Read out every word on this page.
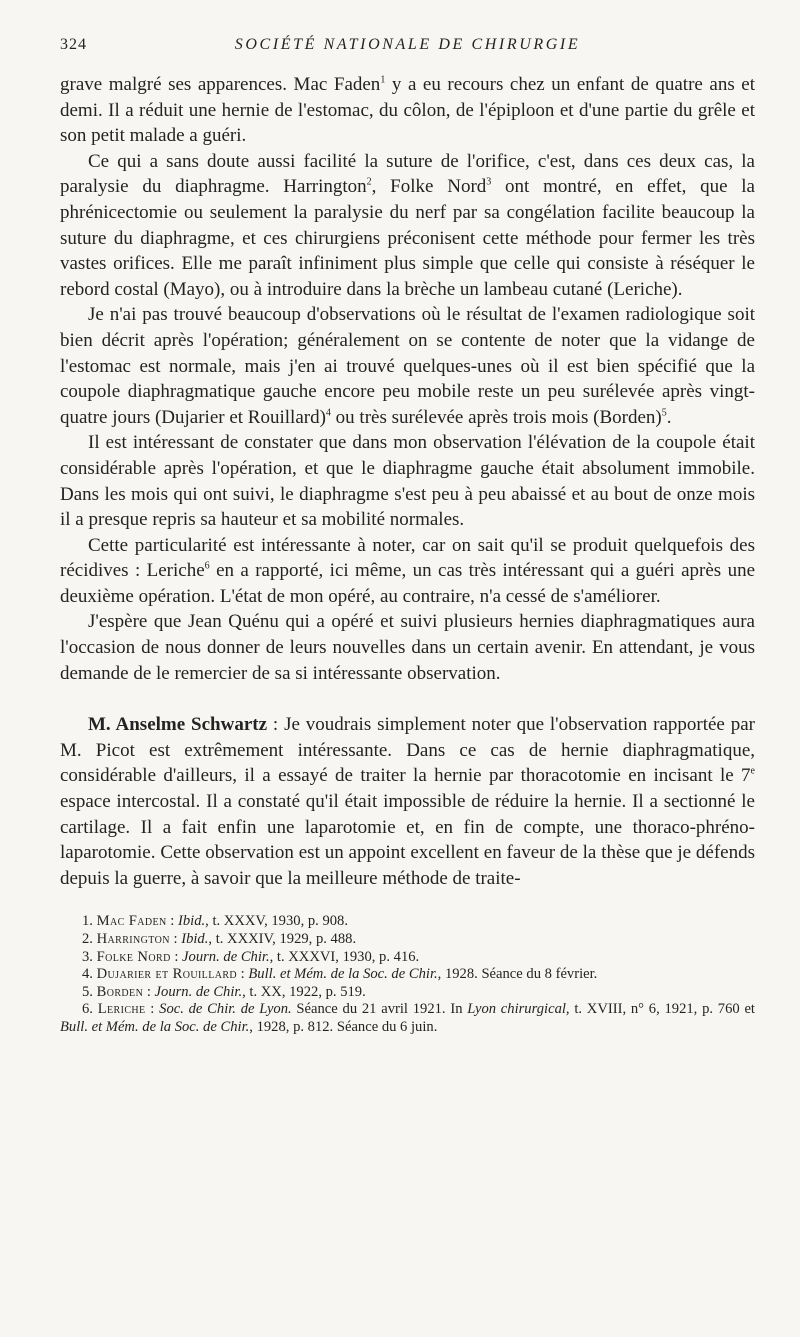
324	SOCIÉTÉ NATIONALE DE CHIRURGIE

grave malgré ses apparences. Mac Faden$^1$ y a eu recours chez un enfant de quatre ans et demi. Il a réduit une hernie de l'estomac, du côlon, de l'épiploon et d'une partie du grêle et son petit malade a guéri.

Ce qui a sans doute aussi facilité la suture de l'orifice, c'est, dans ces deux cas, la paralysie du diaphragme. Harrington$^2$, Folke Nord$^3$ ont montré, en effet, que la phrénicectomie ou seulement la paralysie du nerf par sa congélation facilite beaucoup la suture du diaphragme, et ces chirurgiens préconisent cette méthode pour fermer les très vastes orifices. Elle me paraît infiniment plus simple que celle qui consiste à réséquer le rebord costal (Mayo), ou à introduire dans la brèche un lambeau cutané (Leriche).

Je n'ai pas trouvé beaucoup d'observations où le résultat de l'examen radiologique soit bien décrit après l'opération; généralement on se contente de noter que la vidange de l'estomac est normale, mais j'en ai trouvé quelques-unes où il est bien spécifié que la coupole diaphragmatique gauche encore peu mobile reste un peu surélevée après vingt-quatre jours (Dujarier et Rouillard)$^4$ ou très surélevée après trois mois (Borden)$^5$.

Il est intéressant de constater que dans mon observation l'élévation de la coupole était considérable après l'opération, et que le diaphragme gauche était absolument immobile. Dans les mois qui ont suivi, le diaphragme s'est peu à peu abaissé et au bout de onze mois il a presque repris sa hauteur et sa mobilité normales.

Cette particularité est intéressante à noter, car on sait qu'il se produit quelquefois des récidives : Leriche$^6$ en a rapporté, ici même, un cas très intéressant qui a guéri après une deuxième opération. L'état de mon opéré, au contraire, n'a cessé de s'améliorer.

J'espère que Jean Quénu qui a opéré et suivi plusieurs hernies diaphragmatiques aura l'occasion de nous donner de leurs nouvelles dans un certain avenir. En attendant, je vous demande de le remercier de sa si intéressante observation.

M. Anselme Schwartz : Je voudrais simplement noter que l'observation rapportée par M. Picot est extrêmement intéressante. Dans ce cas de hernie diaphragmatique, considérable d'ailleurs, il a essayé de traiter la hernie par thoracotomie en incisant le 7e espace intercostal. Il a constaté qu'il était impossible de réduire la hernie. Il a sectionné le cartilage. Il a fait enfin une laparotomie et, en fin de compte, une thoraco-phréno-laparotomie. Cette observation est un appoint excellent en faveur de la thèse que je défends depuis la guerre, à savoir que la meilleure méthode de traite-

1. Mac Faden : Ibid., t. XXXV, 1930, p. 908.

2. Harrington : Ibid., t. XXXIV, 1929, p. 488.

3. Folke Nord : Journ. de Chir., t. XXXVI, 1930, p. 416.

4. Dujarier et Rouillard : Bull. et Mém. de la Soc. de Chir., 1928. Séance du 8 février.

5. Borden : Journ. de Chir., t. XX, 1922, p. 519.

6. Leriche : Soc. de Chir. de Lyon. Séance du 21 avril 1921. In Lyon chirurgical, t. XVIII, n° 6, 1921, p. 760 et Bull. et Mém. de la Soc. de Chir., 1928, p. 812. Séance du 6 juin.
